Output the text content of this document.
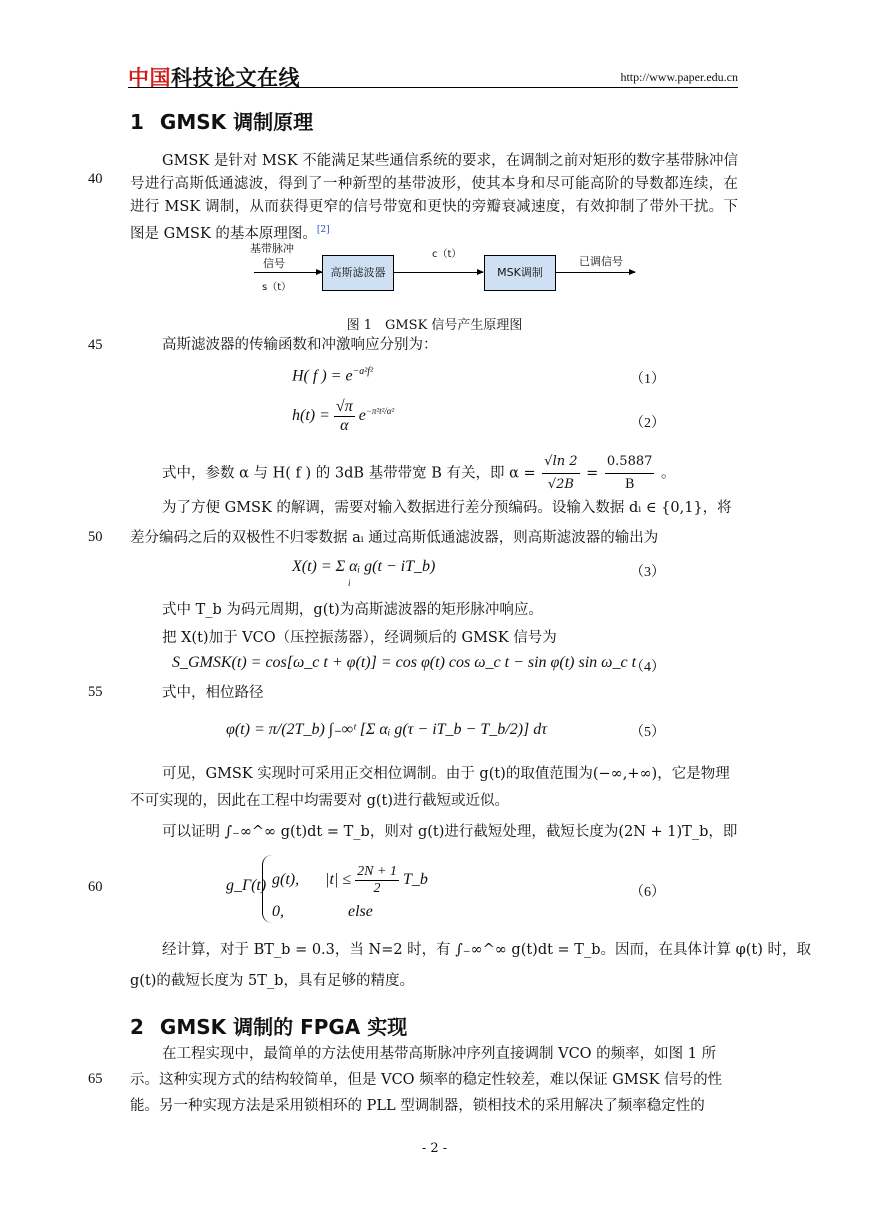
中国科技论文在线	http://www.paper.edu.cn
1 GMSK 调制原理
GMSK 是针对 MSK 不能满足某些通信系统的要求，在调制之前对矩形的数字基带脉冲信号进行高斯低通滤波，得到了一种新型的基带波形，使其本身和尽可能高阶的导数都连续，在进行 MSK 调制，从而获得更窄的信号带宽和更快的旁瓣衰减速度，有效抑制了带外干扰。下图是 GMSK 的基本原理图。[2]
40
45
50
55
60
65
基带脉冲
信号
s（t）
高斯滤波器
c（t）
MSK调制
已调信号
图 1　GMSK 信号产生原理图
高斯滤波器的传输函数和冲激响应分别为：
H( f ) = $e^{-a^2f^2}$
（1）
$h(t) = \frac{√\pi}{\alpha} e^{-\pi^2t^2/\alpha^2}$
（2）
式中，参数 α 与 H( f ) 的 3dB 基带带宽 B 有关，即 $\alpha = \frac{√\ln 2}{√2B} = \frac{0.5887}{B}$ 。
为了方便 GMSK 的解调，需要对输入数据进行差分预编码。设输入数据 dᵢ ∈ {0,1}，将
差分编码之后的双极性不归零数据 aᵢ 通过高斯低通滤波器，则高斯滤波器的输出为
X(t) = Σ αᵢ g(t − iT_b)
i
（3）
式中 T_b 为码元周期，g(t)为高斯滤波器的矩形脉冲响应。
把 X(t)加于 VCO（压控振荡器），经调频后的 GMSK 信号为
S_GMSK(t) = cos[ω_c t + φ(t)] = cos φ(t) cos ω_c t − sin φ(t) sin ω_c t
（4）
式中，相位路径
φ(t) = π/(2T_b) ∫₋∞ᵗ [Σ αᵢ g(τ − iT_b − T_b/2)] dτ	（5）
可见，GMSK 实现时可采用正交相位调制。由于 g(t)的取值范围为(−∞,+∞)，它是物理
不可实现的，因此在工程中均需要对 g(t)进行截短或近似。
可以证明 ∫₋∞^∞ g(t)dt = T_b，则对 g(t)进行截短处理，截短长度为(2N + 1)T_b，即
g_Γ(t) g(t), $|t| \le \frac{2N + 1}{2}$ T_b
0,	else
（6）
经计算，对于 BT_b = 0.3，当 N=2 时，有 ∫₋∞^∞ g(t)dt = T_b。因而，在具体计算 φ(t) 时，取
g(t)的截短长度为 5T_b，具有足够的精度。
2 GMSK 调制的 FPGA 实现
在工程实现中，最简单的方法使用基带高斯脉冲序列直接调制 VCO 的频率，如图 1 所
示。这种实现方式的结构较简单，但是 VCO 频率的稳定性较差，难以保证 GMSK 信号的性
能。另一种实现方法是采用锁相环的 PLL 型调制器，锁相技术的采用解决了频率稳定性的
- 2 -
